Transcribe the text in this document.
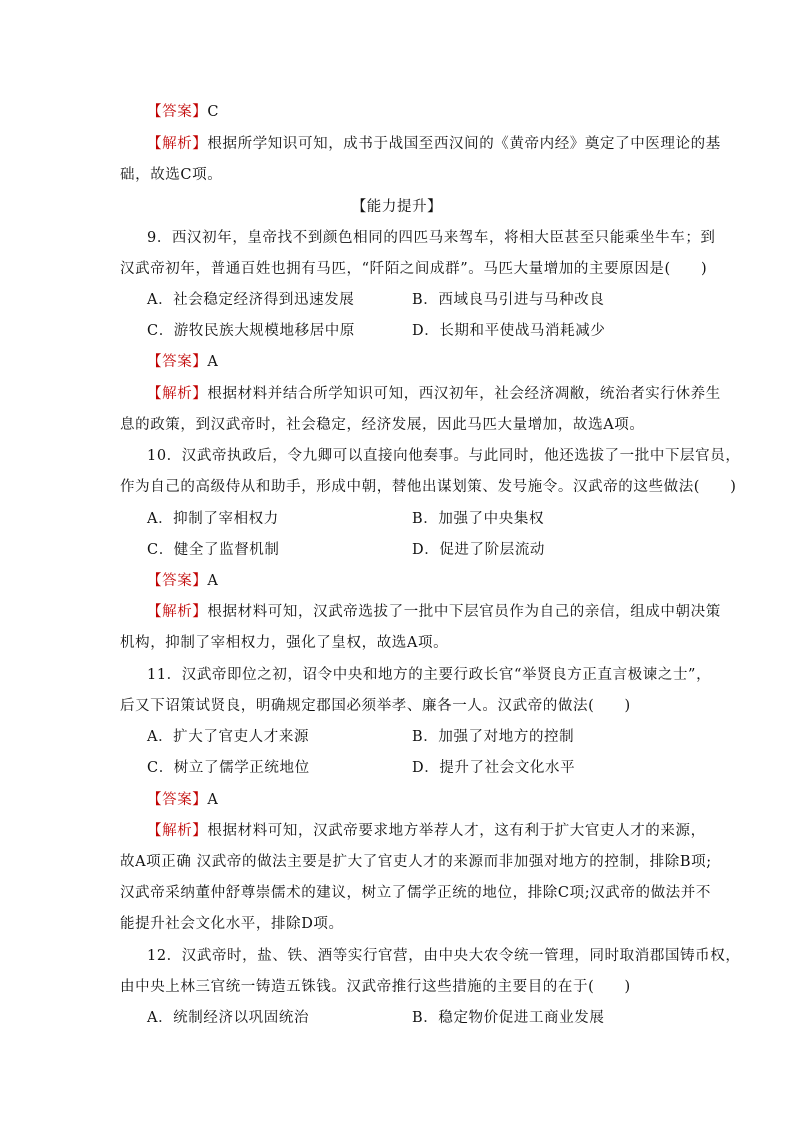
【答案】C
【解析】根据所学知识可知，成书于战国至西汉间的《黄帝内经》奠定了中医理论的基
础，故选C项。
【能力提升】
9．西汉初年，皇帝找不到颜色相同的四匹马来驾车，将相大臣甚至只能乘坐牛车；到
汉武帝初年，普通百姓也拥有马匹，“阡陌之间成群”。马匹大量增加的主要原因是(　　)
A．社会稳定经济得到迅速发展	B．西域良马引进与马种改良
C．游牧民族大规模地移居中原	D．长期和平使战马消耗减少
【答案】A
【解析】根据材料并结合所学知识可知，西汉初年，社会经济凋敝，统治者实行休养生
息的政策，到汉武帝时，社会稳定，经济发展，因此马匹大量增加，故选A项。
10．汉武帝执政后，令九卿可以直接向他奏事。与此同时，他还选拔了一批中下层官员，
作为自己的高级侍从和助手，形成中朝，替他出谋划策、发号施令。汉武帝的这些做法(　　)
A．抑制了宰相权力	B．加强了中央集权
C．健全了监督机制	D．促进了阶层流动
【答案】A
【解析】根据材料可知，汉武帝选拔了一批中下层官员作为自己的亲信，组成中朝决策
机构，抑制了宰相权力，强化了皇权，故选A项。
11．汉武帝即位之初，诏令中央和地方的主要行政长官“举贤良方正直言极谏之士”，
后又下诏策试贤良，明确规定郡国必须举孝、廉各一人。汉武帝的做法(　　)
A．扩大了官吏人才来源	B．加强了对地方的控制
C．树立了儒学正统地位	D．提升了社会文化水平
【答案】A
【解析】根据材料可知，汉武帝要求地方举荐人才，这有利于扩大官吏人才的来源，
故A项正确 汉武帝的做法主要是扩大了官吏人才的来源而非加强对地方的控制，排除B项;
汉武帝采纳董仲舒尊崇儒术的建议，树立了儒学正统的地位，排除C项;汉武帝的做法并不
能提升社会文化水平，排除D项。
12．汉武帝时，盐、铁、酒等实行官营，由中央大农令统一管理，同时取消郡国铸币权，
由中央上林三官统一铸造五铢钱。汉武帝推行这些措施的主要目的在于(　　)
A．统制经济以巩固统治	B．稳定物价促进工商业发展
